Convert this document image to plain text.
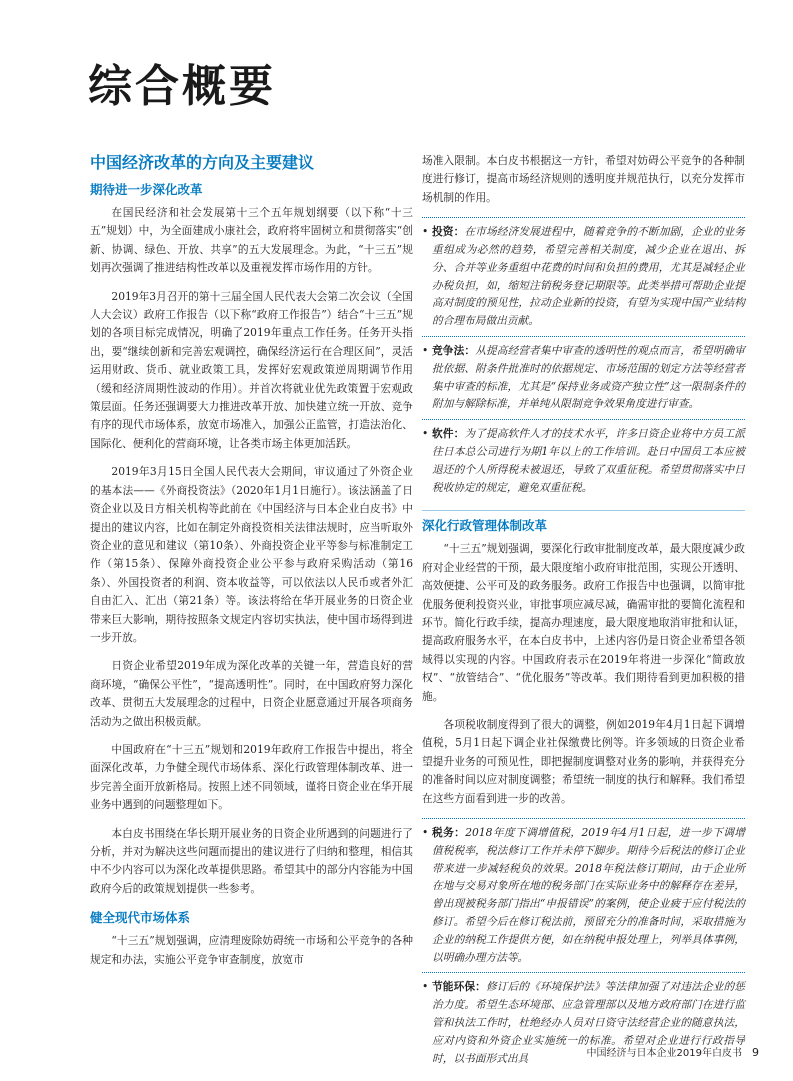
综合概要
中国经济改革的方向及主要建议
期待进一步深化改革

在国民经济和社会发展第十三个五年规划纲要（以下称“十三五”规划）中，为全面建成小康社会，政府将牢固树立和贯彻落实“创新、协调、绿色、开放、共享”的五大发展理念。为此，“十三五”规划再次强调了推进结构性改革以及重视发挥市场作用的方针。

2019年3月召开的第十三届全国人民代表大会第二次会议（全国人大会议）政府工作报告（以下称“政府工作报告”）结合“十三五”规划的各项目标完成情况，明确了2019年重点工作任务。任务开头指出，要“继续创新和完善宏观调控，确保经济运行在合理区间”，灵活运用财政、货币、就业政策工具，发挥好宏观政策逆周期调节作用（缓和经济周期性波动的作用）。并首次将就业优先政策置于宏观政策层面。任务还强调要大力推进改革开放、加快建立统一开放、竞争有序的现代市场体系，放宽市场准入，加强公正监管，打造法治化、国际化、便利化的营商环境，让各类市场主体更加活跃。

2019年3月15日全国人民代表大会期间，审议通过了外资企业的基本法——《外商投资法》（2020年1月1日施行）。该法涵盖了日资企业以及日方相关机构等此前在《中国经济与日本企业白皮书》中提出的建议内容，比如在制定外商投资相关法律法规时，应当听取外资企业的意见和建议（第10条）、外商投资企业平等参与标准制定工作（第15条）、保障外商投资企业公平参与政府采购活动（第16条）、外国投资者的利润、资本收益等，可以依法以人民币或者外汇自由汇入、汇出（第21条）等。该法将给在华开展业务的日资企业带来巨大影响，期待按照条文规定内容切实执法，使中国市场得到进一步开放。

日资企业希望2019年成为深化改革的关键一年，营造良好的营商环境，“确保公平性”，“提高透明性”。同时，在中国政府努力深化改革、贯彻五大发展理念的过程中，日资企业愿意通过开展各项商务活动为之做出积极贡献。

中国政府在“十三五”规划和2019年政府工作报告中提出，将全面深化改革，力争健全现代市场体系、深化行政管理体制改革、进一步完善全面开放新格局。按照上述不同领域，谨将日资企业在华开展业务中遇到的问题整理如下。

本白皮书围绕在华长期开展业务的日资企业所遇到的问题进行了分析，并对为解决这些问题而提出的建议进行了归纳和整理，相信其中不少内容可以为深化改革提供思路。希望其中的部分内容能为中国政府今后的政策规划提供一些参考。

健全现代市场体系

“十三五”规划强调，应清理废除妨碍统一市场和公平竞争的各种规定和办法，实施公平竞争审查制度，放宽市

场准入限制。本白皮书根据这一方针，希望对妨碍公平竞争的各种制度进行修订，提高市场经济规则的透明度并规范执行，以充分发挥市场机制的作用。

• 投资：在市场经济发展进程中，随着竞争的不断加剧，企业的业务重组成为必然的趋势，希望完善相关制度，减少企业在退出、拆分、合并等业务重组中花费的时间和负担的费用，尤其是减轻企业办税负担，如，缩短注销税务登记期限等。此类举措可帮助企业提高对制度的预见性，拉动企业新的投资，有望为实现中国产业结构的合理布局做出贡献。
• 竞争法：从提高经营者集中审查的透明性的观点而言，希望明确审批依据、附条件批准时的依据规定、市场范围的划定方法等经营者集中审查的标准，尤其是“保持业务或资产独立性”这一限制条件的附加与解除标准，并单纯从限制竞争效果角度进行审查。
• 软件：为了提高软件人才的技术水平，许多日资企业将中方员工派往日本总公司进行为期1年以上的工作培训。赴日中国员工本应被退还的个人所得税未被退还，导致了双重征税。希望贯彻落实中日税收协定的规定，避免双重征税。
深化行政管理体制改革

“十三五”规划强调，要深化行政审批制度改革，最大限度减少政府对企业经营的干预，最大限度缩小政府审批范围，实现公开透明、高效便捷、公平可及的政务服务。政府工作报告中也强调，以简审批优服务便利投资兴业，审批事项应减尽减，确需审批的要简化流程和环节。简化行政手续，提高办理速度，最大限度地取消审批和认证，提高政府服务水平，在本白皮书中，上述内容仍是日资企业希望各领域得以实现的内容。中国政府表示在2019年将进一步深化“简政放权”、“放管结合”、“优化服务”等改革。我们期待看到更加积极的措施。

各项税收制度得到了很大的调整，例如2019年4月1日起下调增值税，5月1日起下调企业社保缴费比例等。许多领域的日资企业希望提升业务的可预见性，即把握制度调整对业务的影响，并获得充分的准备时间以应对制度调整；希望统一制度的执行和解释。我们希望在这些方面看到进一步的改善。

• 税务：2018年度下调增值税，2019年4月1日起，进一步下调增值税税率，税法修订工作并未停下脚步。期待今后税法的修订企业带来进一步减轻税负的效果。2018年税法修订期间，由于企业所在地与交易对象所在地的税务部门在实际业务中的解释存在差异，曾出现被税务部门指出“申报错误”的案例，使企业疲于应付税法的修订。希望今后在修订税法前，预留充分的准备时间，采取措施为企业的纳税工作提供方便，如在纳税申报处理上，列举具体事例，以明确办理方法等。
• 节能环保：修订后的《环境保护法》等法律加强了对违法企业的惩治力度。希望生态环境部、应急管理部以及地方政府部门在进行监管和执法工作时，杜绝经办人员对日资守法经营企业的随意执法，应对内资和外资企业实施统一的标准。希望对企业进行行政指导时，以书面形式出具	中国经济与日本企业2019年白皮书 9
